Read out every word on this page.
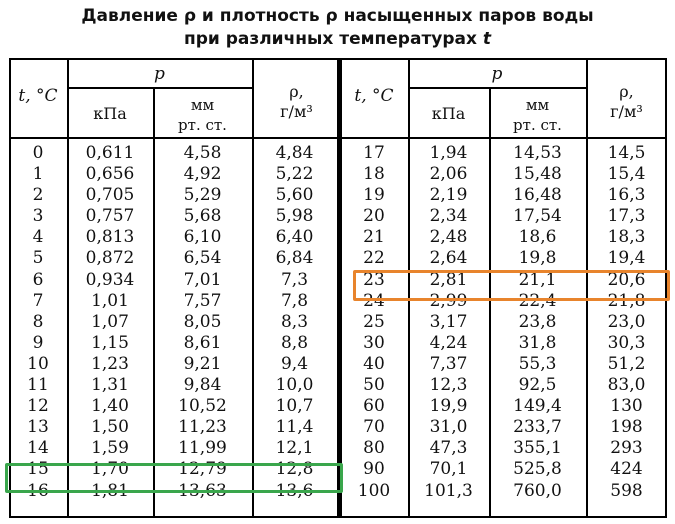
Давление ρ и плотность ρ насыщенных паров воды
при различных температурах t
t, °C
p
кПа	мм
рт. ст.
ρ,
г/м³
t, °C
p
кПа	мм
рт. ст.
ρ,
г/м³
0
1
2
3
4
5
6
7
8
9
10
11
12
13
14
15
16
0,611
0,656
0,705
0,757
0,813
0,872
0,934
1,01
1,07
1,15
1,23
1,31
1,40
1,50
1,59
1,70
1,81
4,58
4,92
5,29
5,68
6,10
6,54
7,01
7,57
8,05
8,61
9,21
9,84
10,52
11,23
11,99
12,79
13,63
4,84
5,22
5,60
5,98
6,40
6,84
7,3
7,8
8,3
8,8
9,4
10,0
10,7
11,4
12,1
12,8
13,6
17
18
19
20
21
22
23
24
25
30
40
50
60
70
80
90
100
1,94
2,06
2,19
2,34
2,48
2,64
2,81
2,99
3,17
4,24
7,37
12,3
19,9
31,0
47,3
70,1
101,3
14,53
15,48
16,48
17,54
18,6
19,8
21,1
22,4
23,8
31,8
55,3
92,5
149,4
233,7
355,1
525,8
760,0
14,5
15,4
16,3
17,3
18,3
19,4
20,6
21,8
23,0
30,3
51,2
83,0
130
198
293
424
598
